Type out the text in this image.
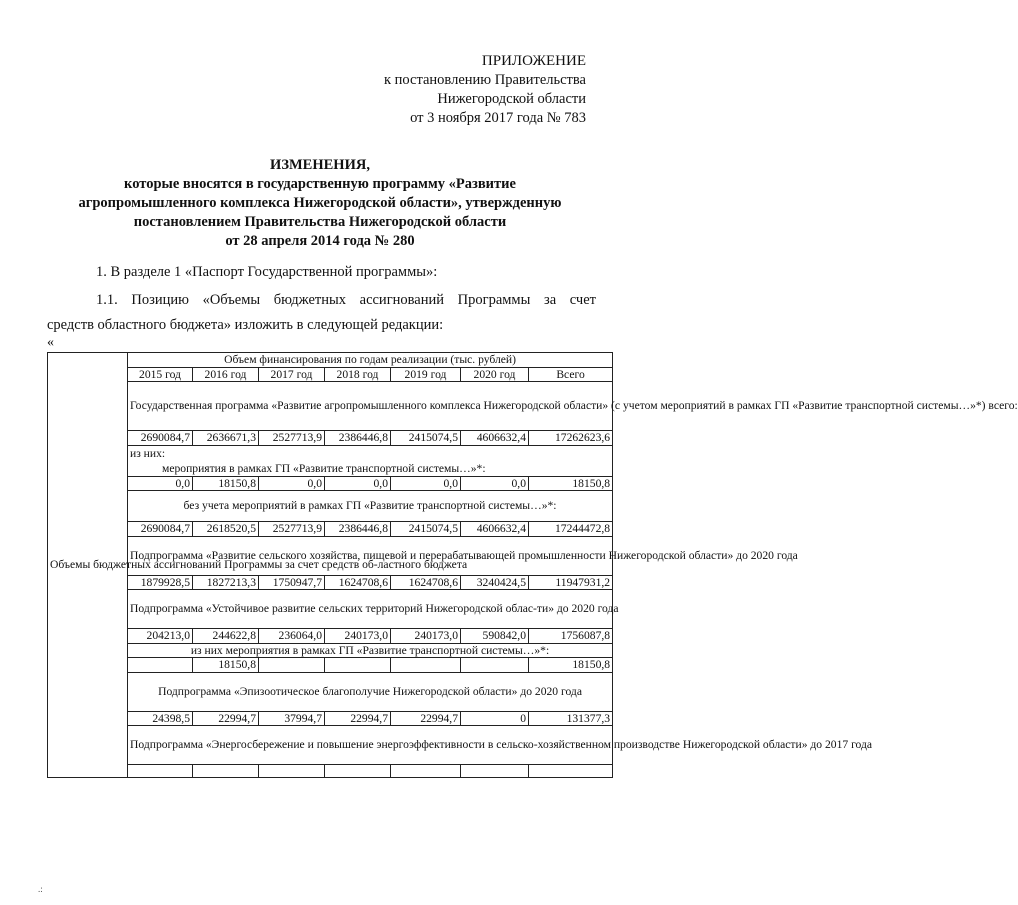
ПРИЛОЖЕНИЕ
к постановлению Правительства
Нижегородской области
от 3 ноября 2017 года № 783
ИЗМЕНЕНИЯ,
которые вносятся в государственную программу «Развитие
агропромышленного комплекса Нижегородской области», утвержденную
постановлением Правительства Нижегородской области
от 28 апреля 2014 года № 280
1. В разделе 1 «Паспорт Государственной программы»:
1.1. Позицию «Объемы бюджетных ассигнований Программы за счет
средств областного бюджета» изложить в следующей редакции:
«
Объемы бюджетных ассигнований Программы за счет средств об-ластного бюджета	Объем финансирования по годам реализации (тыс. рублей)						
	2015 год	2016 год	2017 год	2018 год	2019 год	2020 год	Всего
	Государственная программа «Развитие агропромышленного комплекса Нижегородской области» (с учетом мероприятий в рамках ГП «Развитие транспортной системы…»*) всего:						
	2690084,7	2636671,3	2527713,9	2386446,8	2415074,5	4606632,4	17262623,6

	из них:
мероприятия в рамках ГП «Развитие транспортной системы…»*:						

	0,0	18150,8	0,0	0,0	0,0	0,0	18150,8
	без учета мероприятий в рамках ГП «Развитие транспортной системы…»*:						
	2690084,7	2618520,5	2527713,9	2386446,8	2415074,5	4606632,4	17244472,8
	Подпрограмма «Развитие сельского хозяйства, пищевой и перерабатывающей промышленности Нижегородской области» до 2020 года						
	1879928,5	1827213,3	1750947,7	1624708,6	1624708,6	3240424,5	11947931,2
	Подпрограмма «Устойчивое развитие сельских территорий Нижегородской облас-ти» до 2020 года						
	204213,0	244622,8	236064,0	240173,0	240173,0	590842,0	1756087,8
	из них мероприятия в рамках ГП «Развитие транспортной системы…»*:						
		18150,8					18150,8
	Подпрограмма «Эпизоотическое благополучие Нижегородской области» до 2020 года						
	24398,5	22994,7	37994,7	22994,7	22994,7	0	131377,3
	Подпрограмма «Энергосбережение и повышение энергоэффективности в сельско-хозяйственном производстве Нижегородской области» до 2017 года						

.:
